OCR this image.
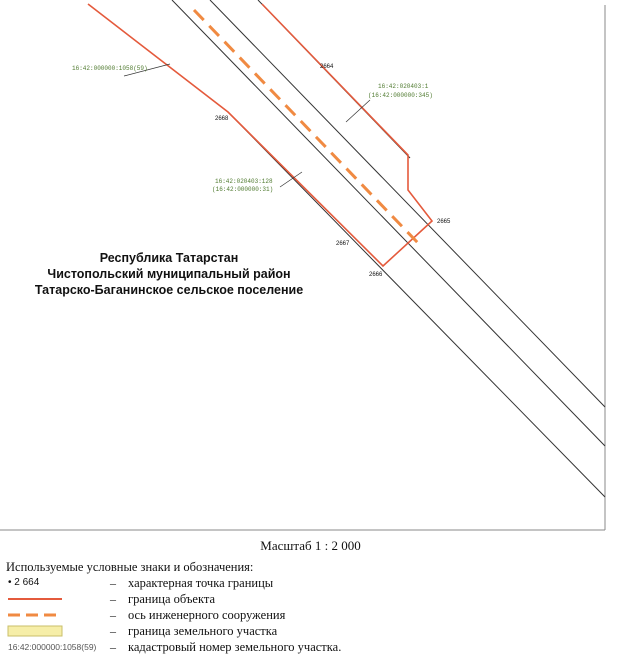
16:42:000000:1058(59)
16:42:020403:1
(16:42:000000:345)
16:42:020403:128
(16:42:000000:31)
2664
2665
2666
2667
2668
Республика Татарстан
Чистопольский муниципальный район
Татарско-Баганинское сельское поселение
Масштаб 1 : 2 000
Используемые условные знаки и обозначения:
• 2 664	– характерная точка границы
– граница объекта
– ось инженерного сооружения
– граница земельного участка
16:42:000000:1058(59) – кадастровый номер земельного участка.
